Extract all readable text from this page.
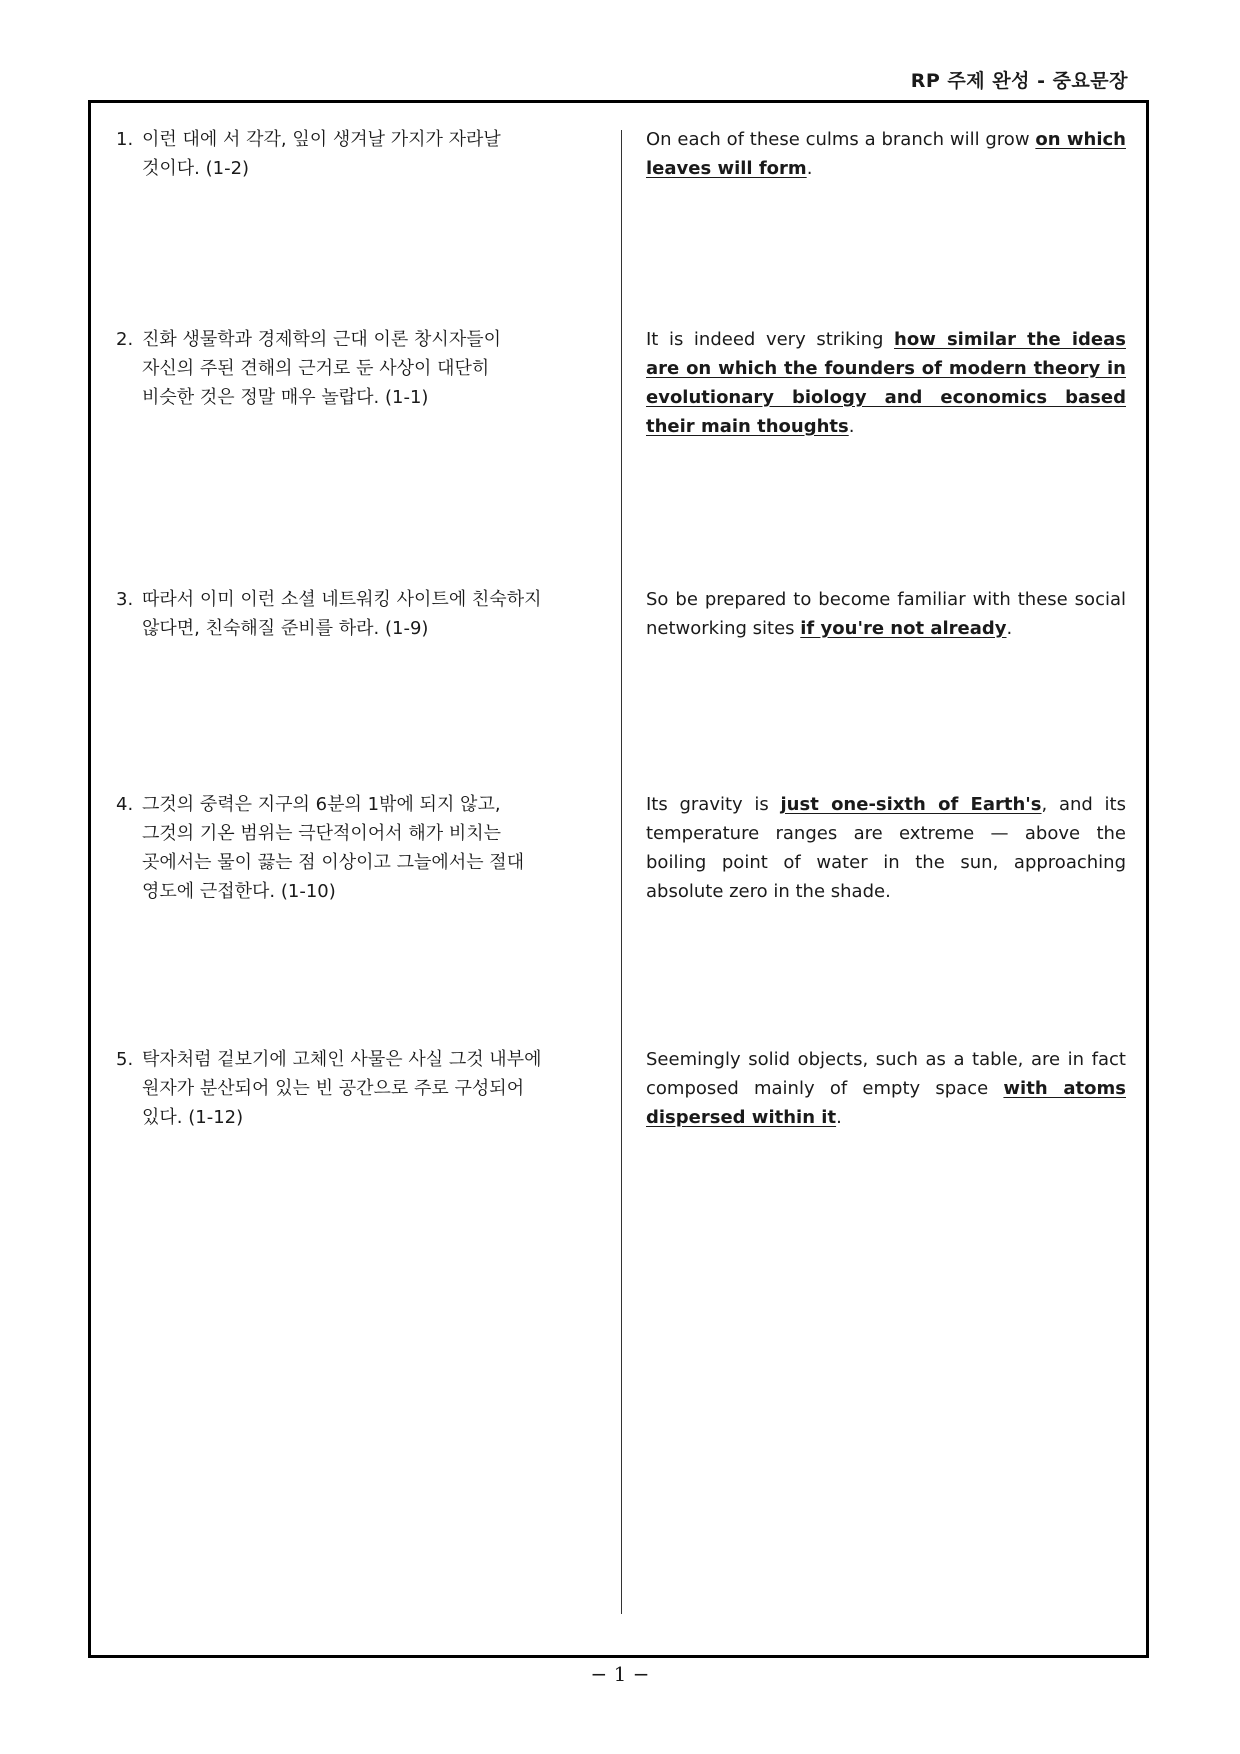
RP 주제 완성 - 중요문장
1. 이런 대에 서 각각, 잎이 생겨날 가지가 자라날
것이다. (1-2)
On each of these culms a branch will grow on which leaves will form.
2. 진화 생물학과 경제학의 근대 이론 창시자들이
자신의 주된 견해의 근거로 둔 사상이 대단히
비슷한 것은 정말 매우 놀랍다. (1-1)
It is indeed very striking how similar the ideas are on which the founders of modern theory in evolutionary biology and economics based their main thoughts.
3. 따라서 이미 이런 소셜 네트워킹 사이트에 친숙하지
않다면, 친숙해질 준비를 하라. (1-9)
So be prepared to become familiar with these social networking sites if you're not already.
4. 그것의 중력은 지구의 6분의 1밖에 되지 않고,
그것의 기온 범위는 극단적이어서 해가 비치는
곳에서는 물이 끓는 점 이상이고 그늘에서는 절대
영도에 근접한다. (1-10)
Its gravity is just one-sixth of Earth's, and its temperature ranges are extreme — above the boiling point of water in the sun, approaching absolute zero in the shade.
5. 탁자처럼 겉보기에 고체인 사물은 사실 그것 내부에
원자가 분산되어 있는 빈 공간으로 주로 구성되어
있다. (1-12)
Seemingly solid objects, such as a table, are in fact composed mainly of empty space with atoms dispersed within it.
− 1 −
